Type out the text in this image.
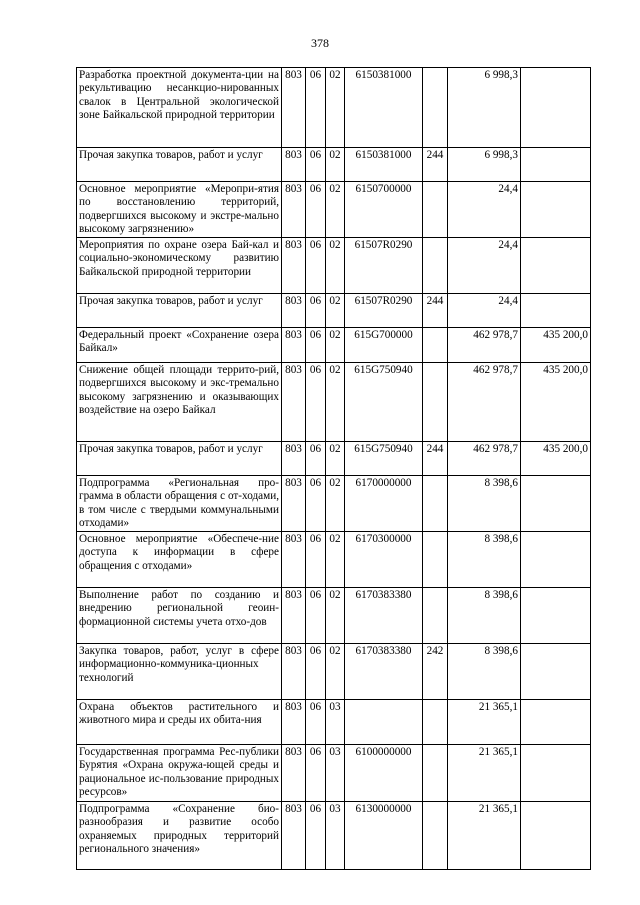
378
Разработка проектной документа-ции на рекультивацию несанкцио-нированных свалок в Центральной экологической зоне Байкальской природной территории	803	06	02	6150381000		6 998,3	
Прочая закупка товаров, работ и услуг	803	06	02	6150381000	244	6 998,3	
Основное мероприятие «Меропри-ятия по восстановлению территорий, подвергшихся высокому и экстре-мально высокому загрязнению»	803	06	02	6150700000		24,4	
Мероприятия по охране озера Бай-кал и социально-экономическому развитию Байкальской природной территории	803	06	02	61507R0290		24,4	
Прочая закупка товаров, работ и услуг	803	06	02	61507R0290	244	24,4	
Федеральный проект «Сохранение озера Байкал»	803	06	02	615G700000		462 978,7	435 200,0
Снижение общей площади террито-рий, подвергшихся высокому и экс-тремально высокому загрязнению и оказывающих воздействие на озеро Байкал	803	06	02	615G750940		462 978,7	435 200,0
Прочая закупка товаров, работ и услуг	803	06	02	615G750940	244	462 978,7	435 200,0
Подпрограмма «Региональная про-грамма в области обращения с от-ходами, в том числе с твердыми коммунальными отходами»	803	06	02	6170000000		8 398,6	
Основное мероприятие «Обеспече-ние доступа к информации в сфере обращения с отходами»	803	06	02	6170300000		8 398,6	
Выполнение работ по созданию и внедрению региональной геоин-формационной системы учета отхо-дов	803	06	02	6170383380		8 398,6	
Закупка товаров, работ, услуг в сфере информационно-коммуника-ционных технологий	803	06	02	6170383380	242	8 398,6	
Охрана объектов растительного и животного мира и среды их обита-ния	803	06	03			21 365,1	
Государственная программа Рес-публики Бурятия «Охрана окружа-ющей среды и рациональное ис-пользование природных ресурсов»	803	06	03	6100000000		21 365,1	
Подпрограмма «Сохранение био-разнообразия и развитие особо охраняемых природных территорий регионального значения»	803	06	03	6130000000		21 365,1	
